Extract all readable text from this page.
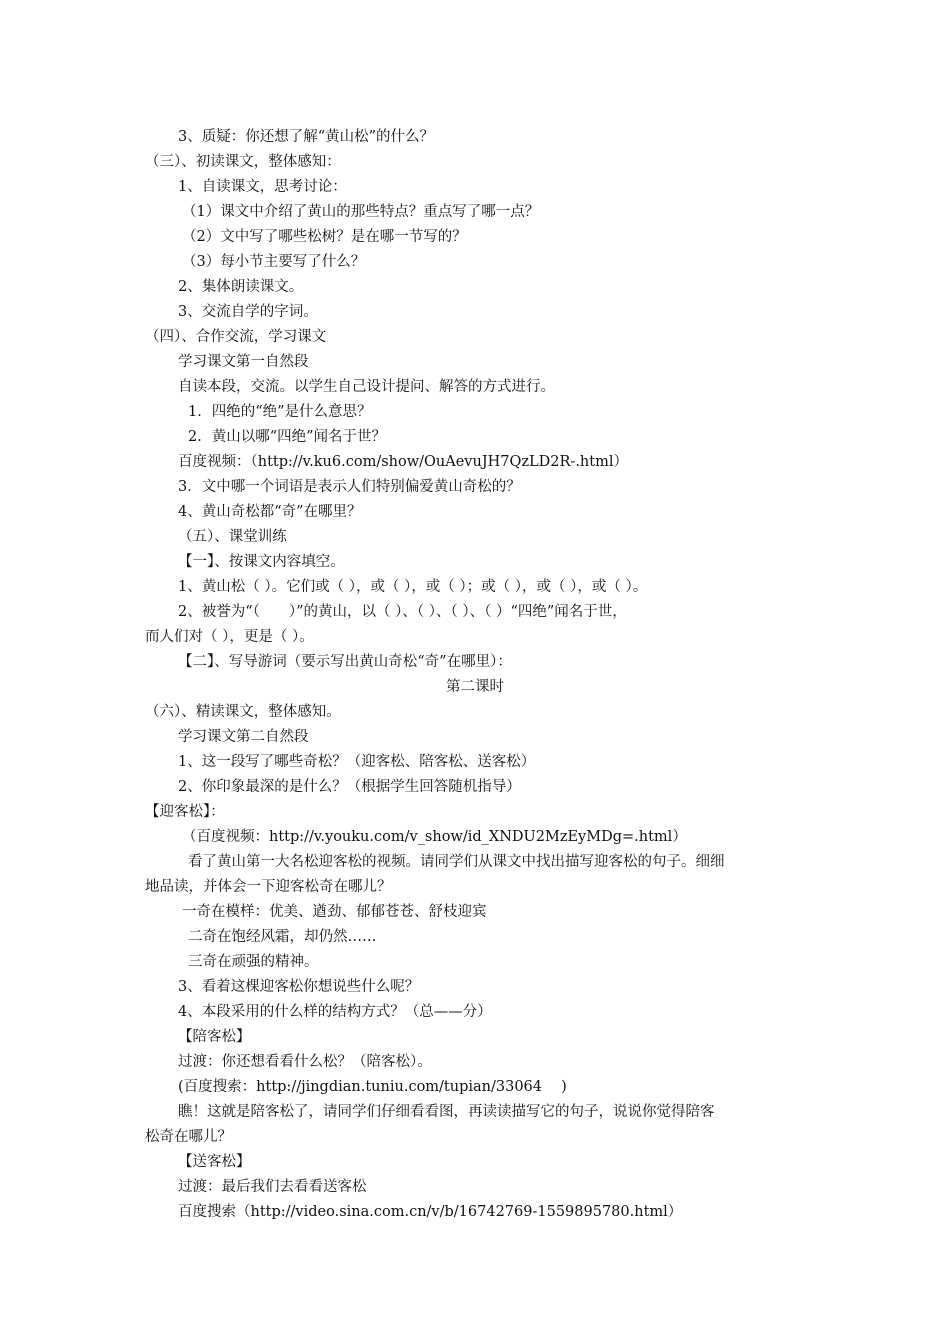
3、质疑：你还想了解“黄山松”的什么？
（三）、初读课文，整体感知：
1、自读课文，思考讨论：
（1）课文中介绍了黄山的那些特点？重点写了哪一点？
（2）文中写了哪些松树？是在哪一节写的？
（3）每小节主要写了什么？
2、集体朗读课文。
3、交流自学的字词。
（四）、合作交流，学习课文
学习课文第一自然段
自读本段，交流。以学生自己设计提问、解答的方式进行。
1．四绝的“绝”是什么意思？
2．黄山以哪“四绝”闻名于世？
百度视频：（http://v.ku6.com/show/OuAevuJH7QzLD2R-.html）
3．文中哪一个词语是表示人们特别偏爱黄山奇松的？
4、黄山奇松都“奇”在哪里？
（五）、课堂训练
【一】、按课文内容填空。
1、黄山松（ ）。它们或（ ），或（ ），或（ ）；或（ ），或（ ），或（ ）。
2、被誉为“（　　）”的黄山，以（ ）、（ ）、（ ）、（ ）“四绝”闻名于世，
而人们对（ ），更是（ ）。
【二】、写导游词（要示写出黄山奇松“奇”在哪里）：
第二课时
（六）、精读课文，整体感知。
学习课文第二自然段
1、这一段写了哪些奇松？（迎客松、陪客松、送客松）
2、你印象最深的是什么？（根据学生回答随机指导）
【迎客松】：
（百度视频：http://v.youku.com/v_show/id_XNDU2MzEyMDg=.html）
看了黄山第一大名松迎客松的视频。请同学们从课文中找出描写迎客松的句子。细细
地品读，并体会一下迎客松奇在哪儿？
一奇在模样：优美、遒劲、郁郁苍苍、舒枝迎宾
二奇在饱经风霜，却仍然……
三奇在顽强的精神。
3、看着这棵迎客松你想说些什么呢？
4、本段采用的什么样的结构方式？（总——分）
【陪客松】
过渡：你还想看看什么松？（陪客松）。
(百度搜索：http://jingdian.tuniu.com/tupian/33064　 )
瞧！这就是陪客松了，请同学们仔细看看图，再读读描写它的句子，说说你觉得陪客
松奇在哪儿？
【送客松】
过渡：最后我们去看看送客松
百度搜索（http://video.sina.com.cn/v/b/16742769-1559895780.html）
